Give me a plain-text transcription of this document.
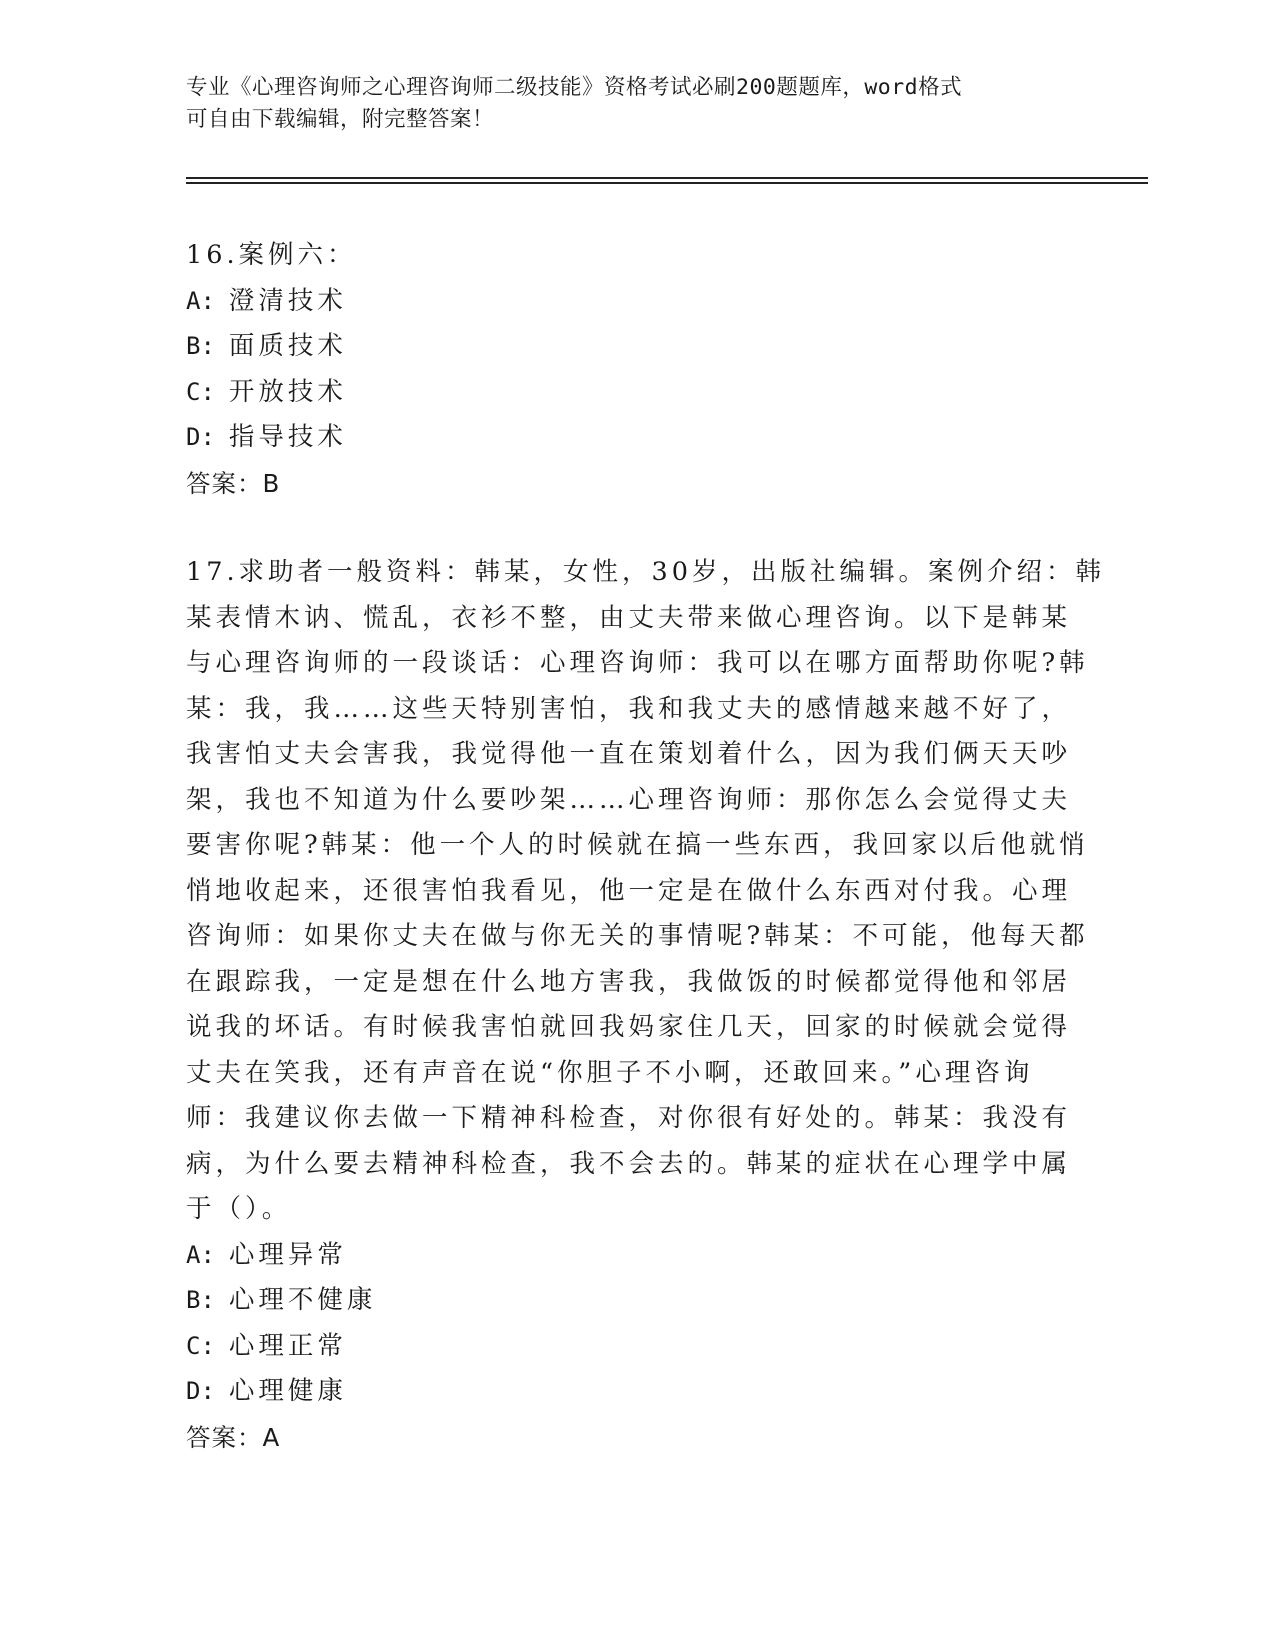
专业《心理咨询师之心理咨询师二级技能》资格考试必刷200题题库，word格式
可自由下载编辑，附完整答案！
16.案例六：
A: 澄清技术
B: 面质技术
C: 开放技术
D: 指导技术
答案：B
17.求助者一般资料：韩某，女性，30岁，出版社编辑。案例介绍：韩
某表情木讷、慌乱，衣衫不整，由丈夫带来做心理咨询。以下是韩某
与心理咨询师的一段谈话：心理咨询师：我可以在哪方面帮助你呢?韩
某：我，我……这些天特别害怕，我和我丈夫的感情越来越不好了，
我害怕丈夫会害我，我觉得他一直在策划着什么，因为我们俩天天吵
架，我也不知道为什么要吵架……心理咨询师：那你怎么会觉得丈夫
要害你呢?韩某：他一个人的时候就在搞一些东西，我回家以后他就悄
悄地收起来，还很害怕我看见，他一定是在做什么东西对付我。心理
咨询师：如果你丈夫在做与你无关的事情呢?韩某：不可能，他每天都
在跟踪我，一定是想在什么地方害我，我做饭的时候都觉得他和邻居
说我的坏话。有时候我害怕就回我妈家住几天，回家的时候就会觉得
丈夫在笑我，还有声音在说“你胆子不小啊，还敢回来。”心理咨询
师：我建议你去做一下精神科检查，对你很有好处的。韩某：我没有
病，为什么要去精神科检查，我不会去的。韩某的症状在心理学中属
于（）。
A: 心理异常
B: 心理不健康
C: 心理正常
D: 心理健康
答案：A
